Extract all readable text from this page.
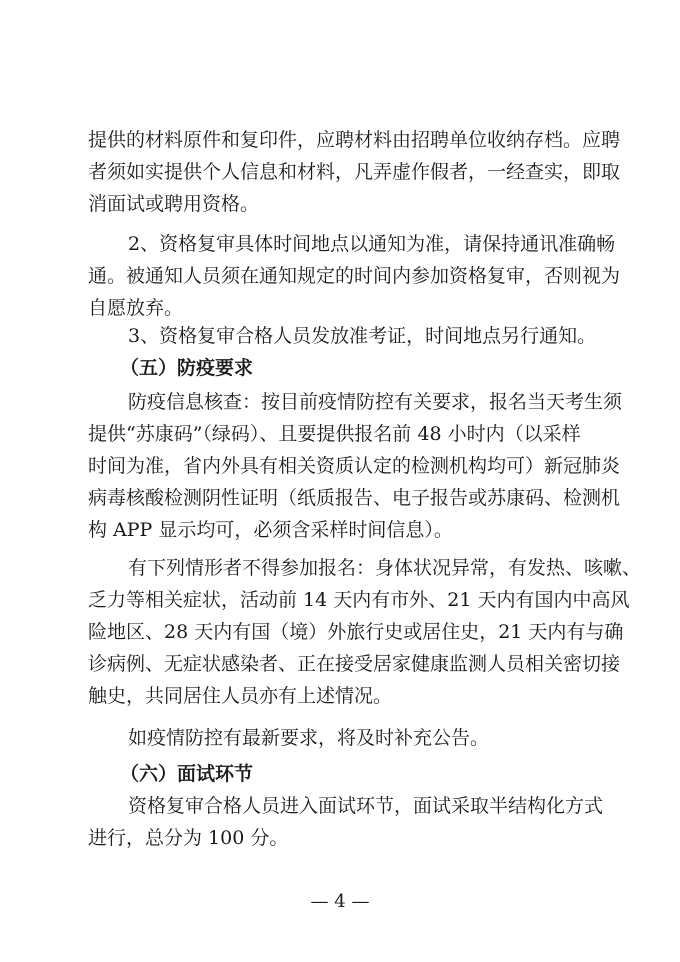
提供的材料原件和复印件，应聘材料由招聘单位收纳存档。应聘
者须如实提供个人信息和材料，凡弄虚作假者，一经查实，即取
消面试或聘用资格。
2、资格复审具体时间地点以通知为准，请保持通讯准确畅
通。被通知人员须在通知规定的时间内参加资格复审，否则视为
自愿放弃。
3、资格复审合格人员发放准考证，时间地点另行通知。
（五）防疫要求
防疫信息核查：按目前疫情防控有关要求，报名当天考生须
提供“苏康码”（绿码）、且要提供报名前 48 小时内（以采样
时间为准，省内外具有相关资质认定的检测机构均可）新冠肺炎
病毒核酸检测阴性证明（纸质报告、电子报告或苏康码、检测机
构 APP 显示均可，必须含采样时间信息）。
有下列情形者不得参加报名：身体状况异常，有发热、咳嗽、
乏力等相关症状，活动前 14 天内有市外、21 天内有国内中高风
险地区、28 天内有国（境）外旅行史或居住史，21 天内有与确
诊病例、无症状感染者、正在接受居家健康监测人员相关密切接
触史，共同居住人员亦有上述情况。
如疫情防控有最新要求，将及时补充公告。
（六）面试环节
资格复审合格人员进入面试环节，面试采取半结构化方式
进行，总分为 100 分。
— 4 —
